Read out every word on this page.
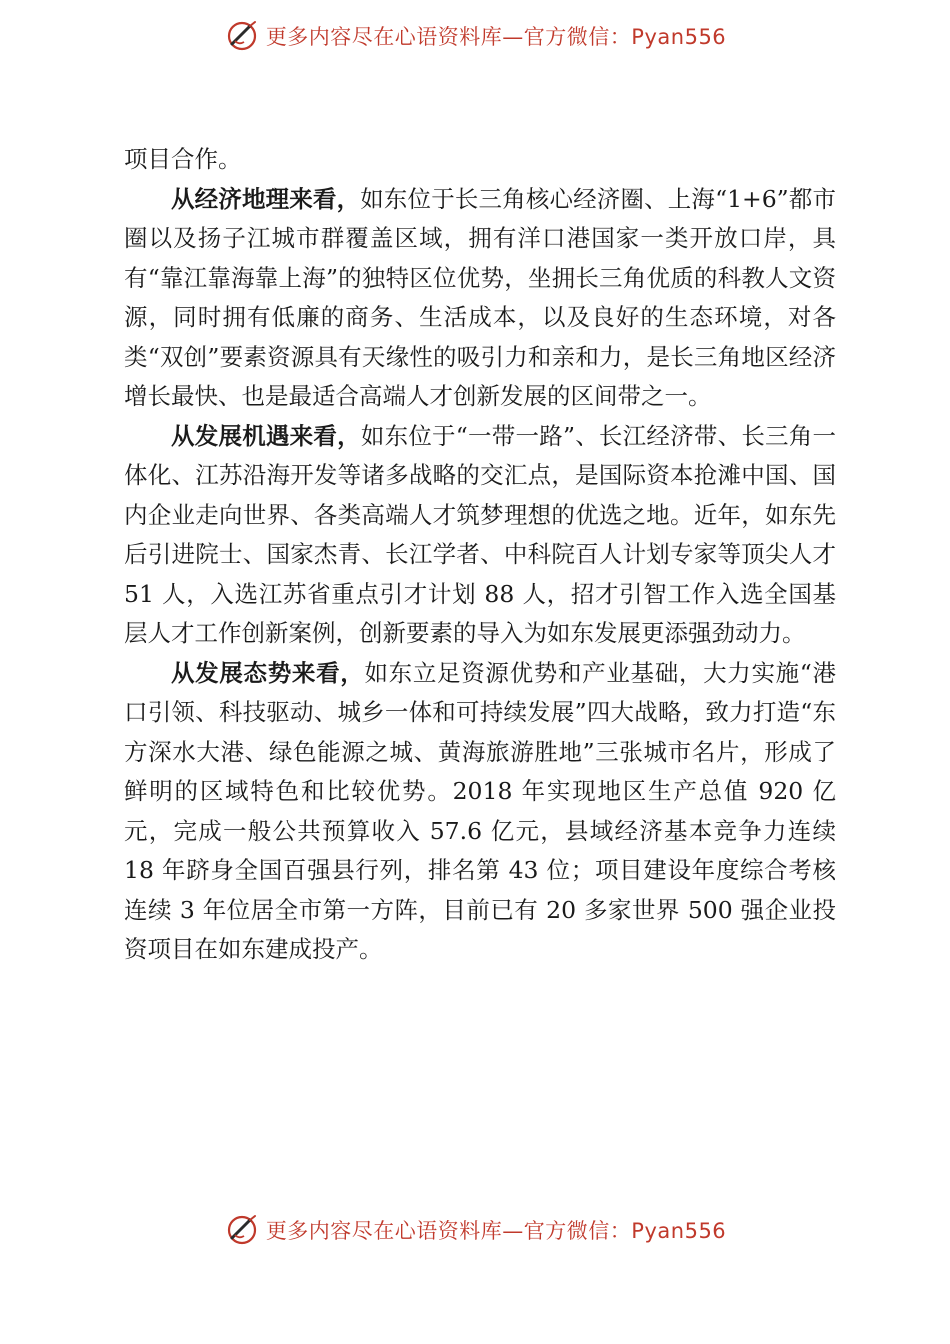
更多内容尽在心语资料库—官方微信：Pyan556

项目合作。

从经济地理来看，如东位于长三角核心经济圈、上海“1+6”都市圈以及扬子江城市群覆盖区域，拥有洋口港国家一类开放口岸，具有“靠江靠海靠上海”的独特区位优势，坐拥长三角优质的科教人文资源，同时拥有低廉的商务、生活成本，以及良好的生态环境，对各类“双创”要素资源具有天缘性的吸引力和亲和力，是长三角地区经济增长最快、也是最适合高端人才创新发展的区间带之一。

从发展机遇来看，如东位于“一带一路”、长江经济带、长三角一体化、江苏沿海开发等诸多战略的交汇点，是国际资本抢滩中国、国内企业走向世界、各类高端人才筑梦理想的优选之地。近年，如东先后引进院士、国家杰青、长江学者、中科院百人计划专家等顶尖人才 51 人，入选江苏省重点引才计划 88 人，招才引智工作入选全国基层人才工作创新案例，创新要素的导入为如东发展更添强劲动力。

从发展态势来看，如东立足资源优势和产业基础，大力实施“港口引领、科技驱动、城乡一体和可持续发展”四大战略，致力打造“东方深水大港、绿色能源之城、黄海旅游胜地”三张城市名片，形成了鲜明的区域特色和比较优势。2018 年实现地区生产总值 920 亿元，完成一般公共预算收入 57.6 亿元，县域经济基本竞争力连续 18 年跻身全国百强县行列，排名第 43 位；项目建设年度综合考核连续 3 年位居全市第一方阵，目前已有 20 多家世界 500 强企业投资项目在如东建成投产。

更多内容尽在心语资料库—官方微信：Pyan556
